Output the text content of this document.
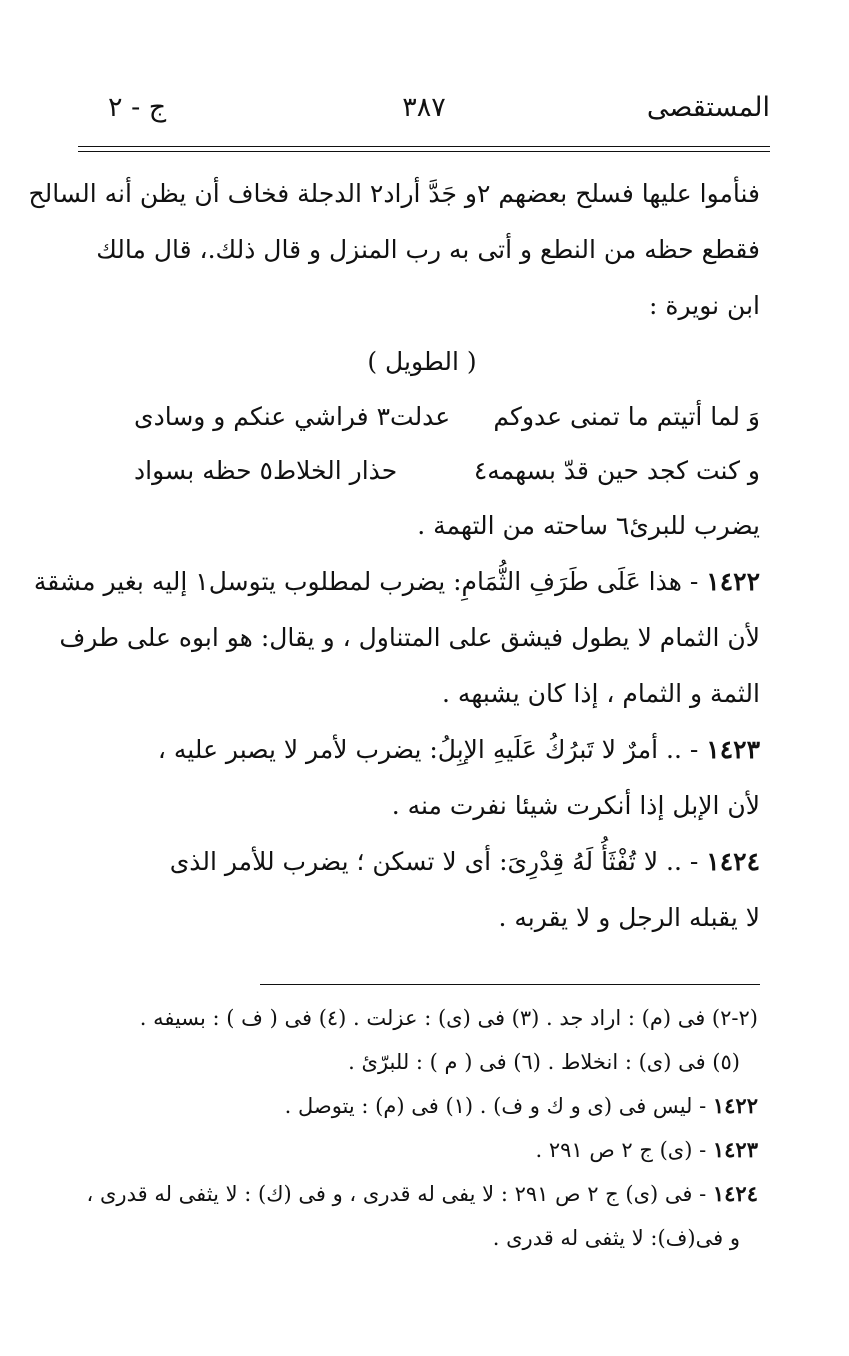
المستقصى
٣٨٧
ج - ٢
فنأموا عليها فسلح بعضهم ٢و جَدَّ أراد٢ الدجلة فخاف أن يظن أنه السالح
فقطع حظه من النطع و أتى به رب المنزل و قال ذلك.، قال مالك
ابن نويرة :
( الطويل )
وَ لما أتيتم ما تمنى عدوكم
عدلت٣ فراشي عنكم و وسادى
و كنت كجد حين قدّ بسهمه٤
حذار الخلاط٥ حظه بسواد
يضرب للبرئ٦ ساحته من التهمة .
١٤٢٢ - هذا عَلَى طَرَفِ الثُّمَامِ: يضرب لمطلوب يتوسل١ إليه بغير مشقة
لأن الثمام لا يطول فيشق على المتناول ، و يقال: هو ابوه على طرف
الثمة و الثمام ، إذا كان يشبهه .
١٤٢٣ - .. أمرٌ لا تَبرُكُ عَلَيهِ الإبِلُ: يضرب لأمر لا يصبر عليه ،
لأن الإبل إذا أنكرت شيئا نفرت منه .
١٤٢٤ - .. لا تُفْثَأُ لَهُ قِدْرِىَ: أى لا تسكن ؛ يضرب للأمر الذى
لا يقبله الرجل و لا يقربه .
(٢-٢) فى (م) : اراد جد . (٣) فى (ى) : عزلت . (٤) فى ( ف ) : بسيفه .
(٥) فى (ى) : انخلاط . (٦) فى ( م ) : للبرّئ .
١٤٢٢ - ليس فى (ى و ك و ف) . (١) فى (م) : يتوصل .
١٤٢٣ - (ى) ج ٢ ص ٢٩١ .
١٤٢٤ - فى (ى) ج ٢ ص ٢٩١ : لا يفى له قدرى ، و فى (ك) : لا يثفى له قدرى ،
و فى(ف): لا يثفى له قدرى .
